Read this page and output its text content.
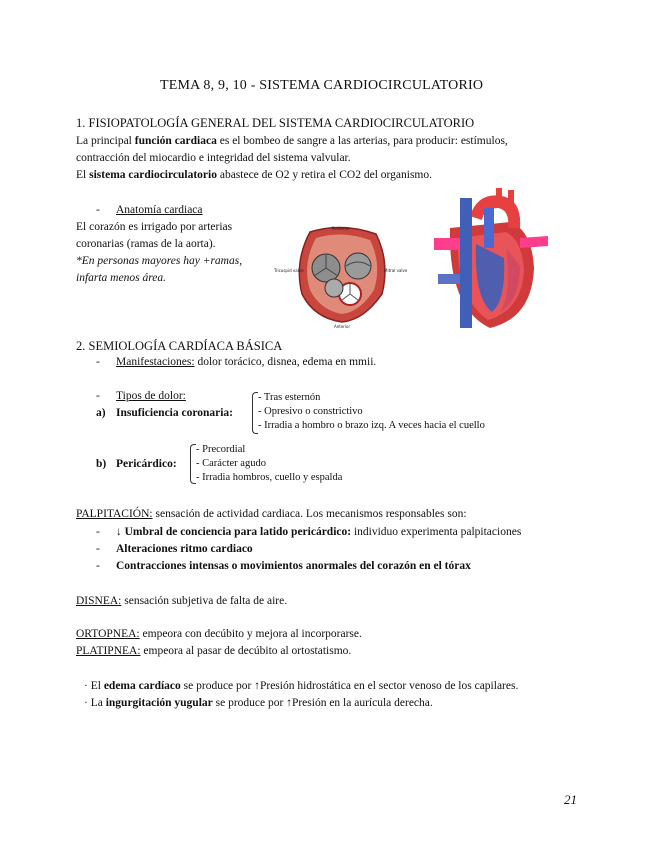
TEMA 8, 9, 10 - SISTEMA CARDIOCIRCULATORIO
1. FISIOPATOLOGÍA GENERAL DEL SISTEMA CARDIOCIRCULATORIO
La principal función cardiaca es el bombeo de sangre a las arterias, para producir: estímulos,
contracción del miocardio e integridad del sistema valvular.
El sistema cardiocirculatorio abastece de O2 y retira el CO2 del organismo.
- Anatomía cardiaca
El corazón es irrigado por arterias
coronarias (ramas de la aorta).
*En personas mayores hay +ramas,
infarta menos área.
Posterior
Anterior
Tricuspid valve	Mitral valve
2. SEMIOLOGÍA CARDÍACA BÁSICA
- Manifestaciones: dolor torácico, disnea, edema en mmii.
- Tipos de dolor:
a) Insuficiencia coronaria:
- Tras esternón
- Opresivo o constrictivo
- Irradia a hombro o brazo izq. A veces hacia el cuello
b) Pericárdico:
- Precordial
- Carácter agudo
- Irradia hombros, cuello y espalda
PALPITACIÓN: sensación de actividad cardiaca. Los mecanismos responsables son:
- ↓ Umbral de conciencia para latido pericárdico: individuo experimenta palpitaciones
- Alteraciones ritmo cardiaco
- Contracciones intensas o movimientos anormales del corazón en el tórax
DISNEA: sensación subjetiva de falta de aire.
ORTOPNEA: empeora con decúbito y mejora al incorporarse.
PLATIPNEA: empeora al pasar de decúbito al ortostatismo.
· El edema cardíaco se produce por ↑Presión hidrostática en el sector venoso de los capilares.
· La ingurgitación yugular se produce por ↑Presión en la aurícula derecha.
21
